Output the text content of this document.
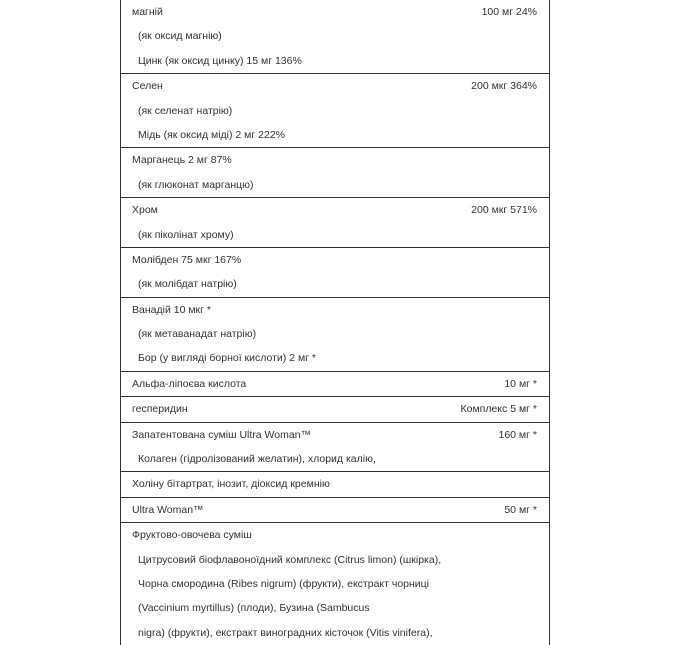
магній	100 мг 24%
(як оксид магнію)
Цинк (як оксид цинку) 15 мг 136%
Селен	200 мкг 364%
(як селенат натрію)
Мідь (як оксид міді) 2 мг 222%
Марганець 2 мг 87%
(як глюконат марганцю)
Хром	200 мкг 571%
(як піколінат хрому)
Молібден 75 мкг 167%
(як молібдат натрію)
Ванадій 10 мкг *
(як метаванадат натрію)
Бор (у вигляді борної кислоти) 2 мг *
Альфа-ліпоєва кислота	10 мг *
гесперидин	Комплекс 5 мг *
Запатентована суміш Ultra Woman™	160 мг *
Колаген (гідролізований желатин), хлорид калію,
Холіну бітартрат, інозит, діоксид кремнію
Ultra Woman™	50 мг *
Фруктово-овочева суміш
Цитрусовий біофлавоноїдний комплекс (Citrus limon) (шкірка),
Чорна смородина (Ribes nigrum) (фрукти), екстракт чорниці
(Vaccinium myrtillus) (плоди), Бузина (Sambucus
nigra) (фрукти), екстракт виноградних кісточок (Vitis vinifera),
